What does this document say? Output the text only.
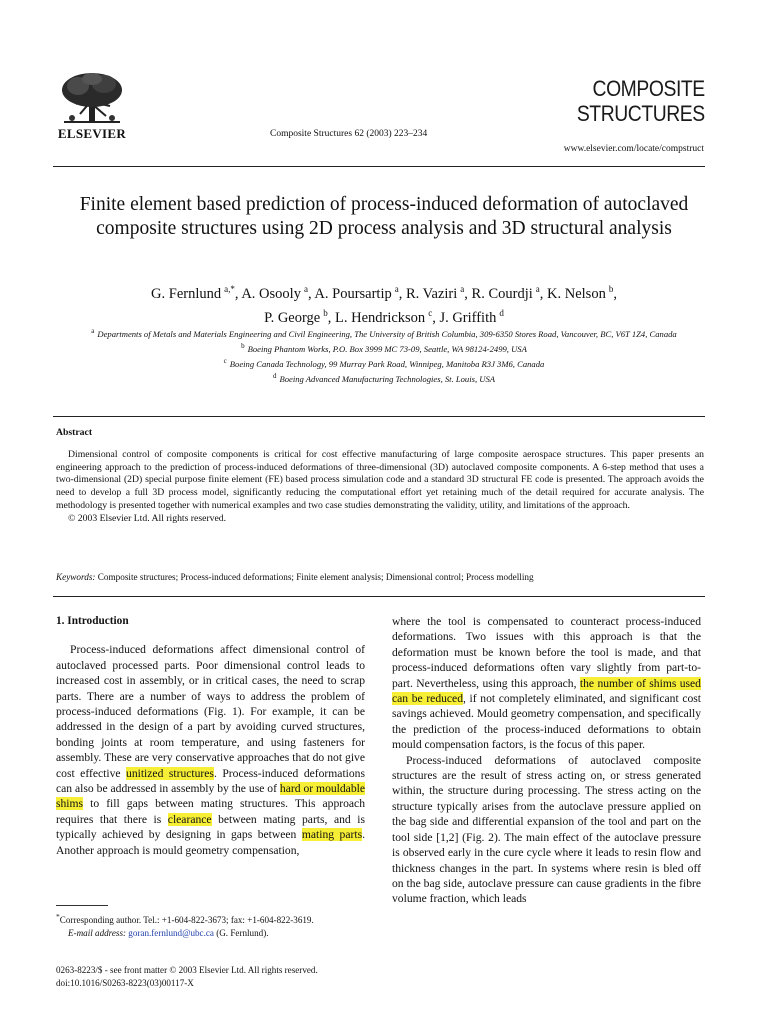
ELSEVIER	Composite Structures 62 (2003) 223–234
COMPOSITE
STRUCTURES
www.elsevier.com/locate/compstruct
Finite element based prediction of process-induced deformation of autoclaved composite structures using 2D process analysis and 3D structural analysis
G. Fernlund $^{a,*}$, A. Osooly $^a$, A. Poursartip $^a$, R. Vaziri $^a$, R. Courdji $^a$, K. Nelson $^b$,
P. George $^b$, L. Hendrickson $^c$, J. Griffith $^d$
$^a$ Departments of Metals and Materials Engineering and Civil Engineering, The University of British Columbia, 309-6350 Stores Road, Vancouver, BC, V6T 1Z4, Canada
$^b$ Boeing Phantom Works, P.O. Box 3999 MC 73-09, Seattle, WA 98124-2499, USA
$^c$ Boeing Canada Technology, 99 Murray Park Road, Winnipeg, Manitoba R3J 3M6, Canada
$^d$ Boeing Advanced Manufacturing Technologies, St. Louis, USA
Abstract

Dimensional control of composite components is critical for cost effective manufacturing of large composite aerospace structures. This paper presents an engineering approach to the prediction of process-induced deformations of three-dimensional (3D) autoclaved composite components. A 6-step method that uses a two-dimensional (2D) special purpose finite element (FE) based process simulation code and a standard 3D structural FE code is presented. The approach avoids the need to develop a full 3D process model, significantly reducing the computational effort yet retaining much of the detail required for accurate analysis. The methodology is presented together with numerical examples and two case studies demonstrating the validity, utility, and limitations of the approach.

© 2003 Elsevier Ltd. All rights reserved.

Keywords: Composite structures; Process-induced deformations; Finite element analysis; Dimensional control; Process modelling
1. Introduction

Process-induced deformations affect dimensional control of autoclaved processed parts. Poor dimensional control leads to increased cost in assembly, or in critical cases, the need to scrap parts. There are a number of ways to address the problem of process-induced deformations (Fig. 1). For example, it can be addressed in the design of a part by avoiding curved structures, bonding joints at room temperature, and using fasteners for assembly. These are very conservative approaches that do not give cost effective unitized structures. Process-induced deformations can also be addressed in assembly by the use of hard or mouldable shims to fill gaps between mating structures. This approach requires that there is clearance between mating parts, and is typically achieved by designing in gaps between mating parts. Another approach is mould geometry compensation,

where the tool is compensated to counteract process-induced deformations. Two issues with this approach is that the deformation must be known before the tool is made, and that process-induced deformations often vary slightly from part-to-part. Nevertheless, using this approach, the number of shims used can be reduced, if not completely eliminated, and significant cost savings achieved. Mould geometry compensation, and specifically the prediction of the process-induced deformations to obtain mould compensation factors, is the focus of this paper.

Process-induced deformations of autoclaved composite structures are the result of stress acting on, or stress generated within, the structure during processing. The stress acting on the structure typically arises from the autoclave pressure applied on the bag side and differential expansion of the tool and part on the tool side [1,2] (Fig. 2). The main effect of the autoclave pressure is observed early in the cure cycle where it leads to resin flow and thickness changes in the part. In systems where resin is bled off on the bag side, autoclave pressure can cause gradients in the fibre volume fraction, which leads

*Corresponding author. Tel.: +1-604-822-3673; fax: +1-604-822-3619.
E-mail address: goran.fernlund@ubc.ca (G. Fernlund).
0263-8223/$ - see front matter © 2003 Elsevier Ltd. All rights reserved.
doi:10.1016/S0263-8223(03)00117-X
